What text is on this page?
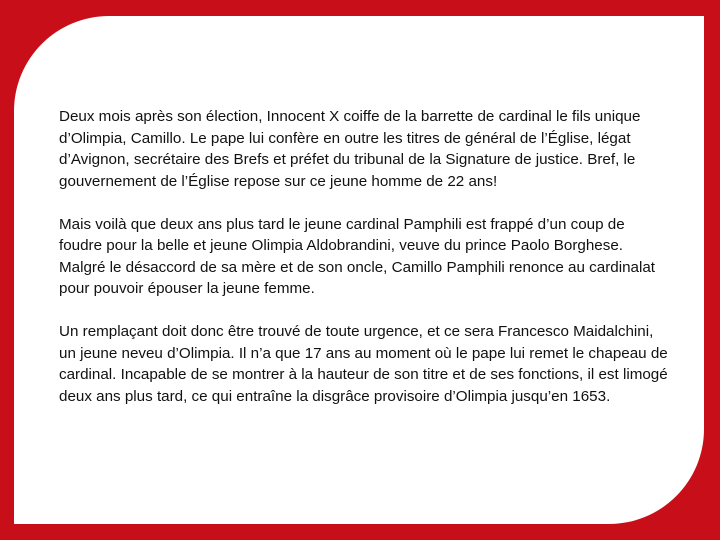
Deux mois après son élection, Innocent X coiffe de la barrette de cardinal le fils unique d’Olimpia, Camillo. Le pape lui confère en outre les titres de général de l’Église, légat d’Avignon, secrétaire des Brefs et préfet du tribunal de la Signature de justice. Bref, le gouvernement de l’Église repose sur ce jeune homme de 22 ans!

Mais voilà que deux ans plus tard le jeune cardinal Pamphili est frappé d’un coup de foudre pour la belle et jeune Olimpia Aldobrandini, veuve du prince Paolo Borghese. Malgré le désaccord de sa mère et de son oncle, Camillo Pamphili renonce au cardinalat pour pouvoir épouser la jeune femme.

Un remplaçant doit donc être trouvé de toute urgence, et ce sera Francesco Maidalchini, un jeune neveu d’Olimpia. Il n’a que 17 ans au moment où le pape lui remet le chapeau de cardinal. Incapable de se montrer à la hauteur de son titre et de ses fonctions, il est limogé deux ans plus tard, ce qui entraîne la disgrâce provisoire d’Olimpia jusqu’en 1653.
